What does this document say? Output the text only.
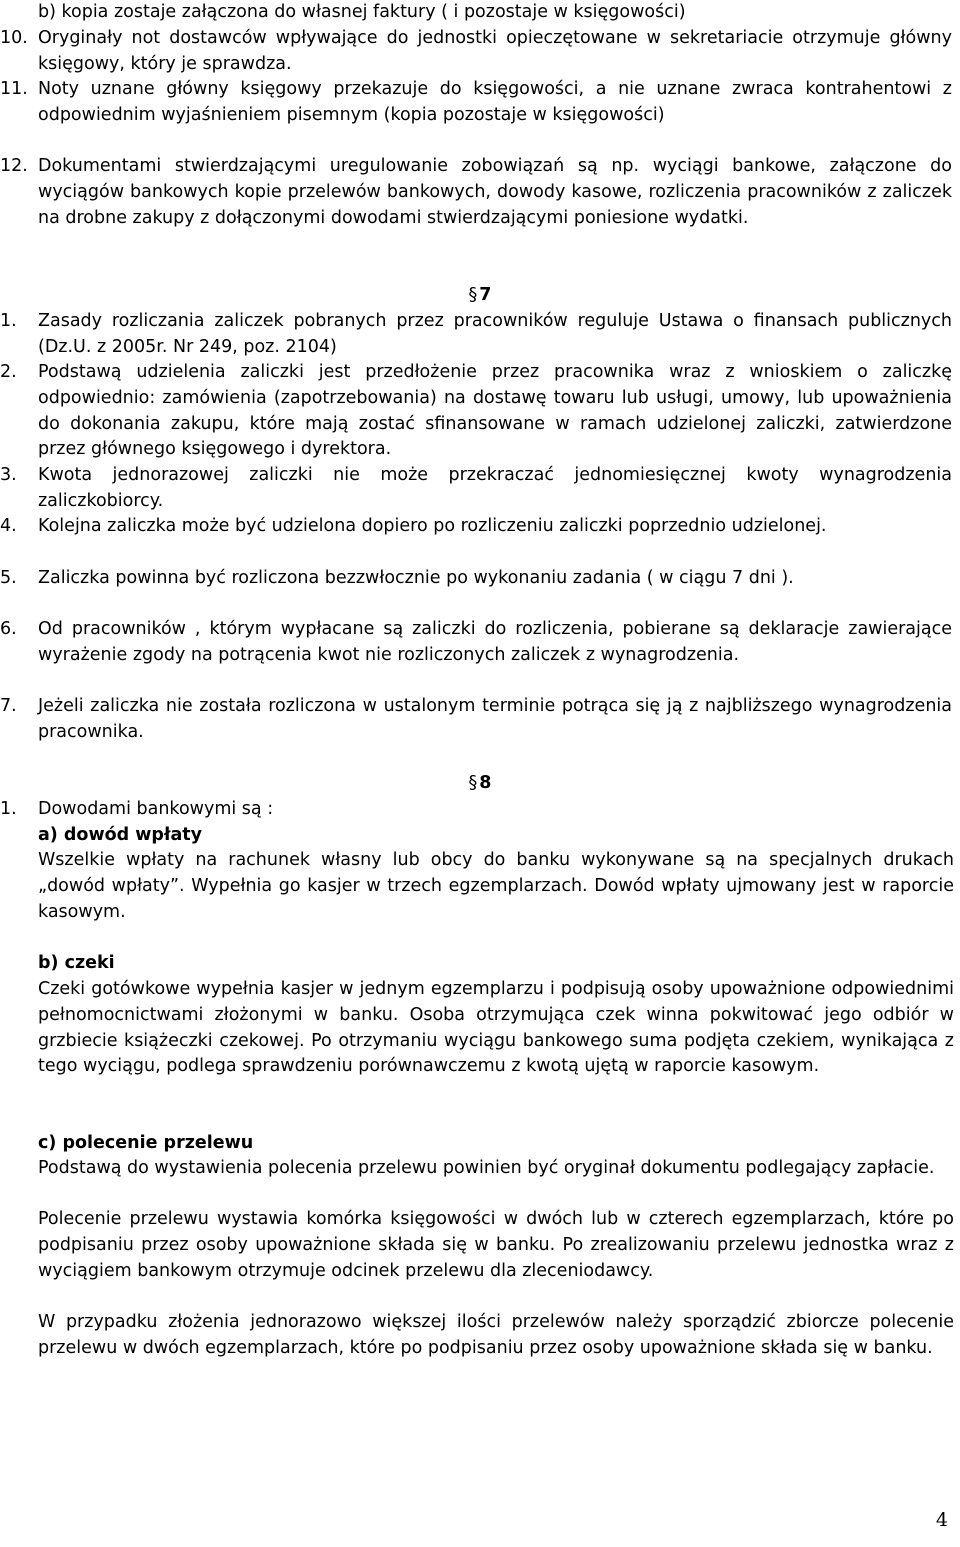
b) kopia zostaje załączona do własnej faktury ( i pozostaje w księgowości)
10. Oryginały not dostawców wpływające do jednostki opieczętowane w sekretariacie otrzymuje główny księgowy, który je sprawdza.
11. Noty uznane główny księgowy przekazuje do księgowości, a nie uznane zwraca kontrahentowi z odpowiednim wyjaśnieniem pisemnym (kopia pozostaje w księgowości)
12. Dokumentami stwierdzającymi uregulowanie zobowiązań są np. wyciągi bankowe, załączone do wyciągów bankowych kopie przelewów bankowych, dowody kasowe, rozliczenia pracowników z zaliczek na drobne zakupy z dołączonymi dowodami stwierdzającymi poniesione wydatki.
§ 7
1.	Zasady rozliczania zaliczek pobranych przez pracowników reguluje Ustawa o finansach publicznych (Dz.U. z 2005r. Nr 249, poz. 2104)
2.	Podstawą udzielenia zaliczki jest przedłożenie przez pracownika wraz z wnioskiem o zaliczkę odpowiednio: zamówienia (zapotrzebowania) na dostawę towaru lub usługi, umowy, lub upoważnienia do dokonania zakupu, które mają zostać sfinansowane w ramach udzielonej zaliczki, zatwierdzone przez głównego księgowego i dyrektora.
3.	Kwota jednorazowej zaliczki nie może przekraczać jednomiesięcznej kwoty wynagrodzenia zaliczkobiorcy.
4.	Kolejna zaliczka może być udzielona dopiero po rozliczeniu zaliczki poprzednio udzielonej.
5.	Zaliczka powinna być rozliczona bezzwłocznie po wykonaniu zadania ( w ciągu 7 dni ).
6.	Od pracowników , którym wypłacane są zaliczki do rozliczenia, pobierane są deklaracje zawierające wyrażenie zgody na potrącenia kwot nie rozliczonych zaliczek z wynagrodzenia.
7.	Jeżeli zaliczka nie została rozliczona w ustalonym terminie potrąca się ją z najbliższego wynagrodzenia pracownika.
§ 8
1.	Dowodami bankowymi są :
a) dowód wpłaty
Wszelkie wpłaty na rachunek własny lub obcy do banku wykonywane są na specjalnych drukach „dowód wpłaty”. Wypełnia go kasjer w trzech egzemplarzach. Dowód wpłaty ujmowany jest w raporcie kasowym.
b) czeki
Czeki gotówkowe wypełnia kasjer w jednym egzemplarzu i podpisują osoby upoważnione odpowiednimi pełnomocnictwami złożonymi w banku. Osoba otrzymująca czek winna pokwitować jego odbiór w grzbiecie książeczki czekowej. Po otrzymaniu wyciągu bankowego suma podjęta czekiem, wynikająca z tego wyciągu, podlega sprawdzeniu porównawczemu z kwotą ujętą w raporcie kasowym.
c) polecenie przelewu
Podstawą do wystawienia polecenia przelewu powinien być oryginał dokumentu podlegający zapłacie.
Polecenie przelewu wystawia komórka księgowości w dwóch lub w czterech egzemplarzach, które po podpisaniu przez osoby upoważnione składa się w banku. Po zrealizowaniu przelewu jednostka wraz z wyciągiem bankowym otrzymuje odcinek przelewu dla zleceniodawcy.
W przypadku złożenia jednorazowo większej ilości przelewów należy sporządzić zbiorcze polecenie przelewu w dwóch egzemplarzach, które po podpisaniu przez osoby upoważnione składa się w banku.
4
